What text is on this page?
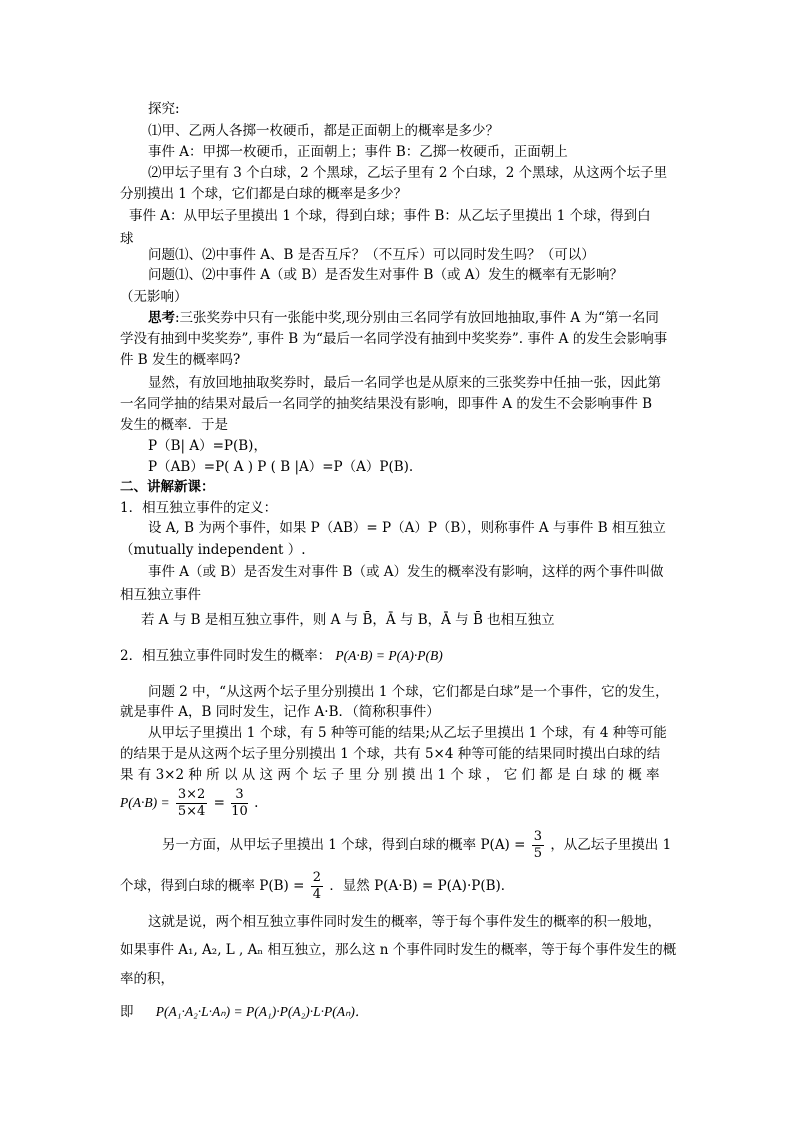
探究:
⑴甲、乙两人各掷一枚硬币，都是正面朝上的概率是多少？
事件 A：甲掷一枚硬币，正面朝上；事件 B：乙掷一枚硬币，正面朝上
⑵甲坛子里有 3 个白球，2 个黑球，乙坛子里有 2 个白球，2 个黑球，从这两个坛子里
分别摸出 1 个球，它们都是白球的概率是多少？
事件 A：从甲坛子里摸出 1 个球，得到白球；事件 B：从乙坛子里摸出 1 个球，得到白
球
问题⑴、⑵中事件 A、B 是否互斥？（不互斥）可以同时发生吗？（可以）
问题⑴、⑵中事件 A（或 B）是否发生对事件 B（或 A）发生的概率有无影响？
（无影响）
思考:三张奖券中只有一张能中奖,现分别由三名同学有放回地抽取,事件 A 为“第一名同
学没有抽到中奖奖券”, 事件 B 为“最后一名同学没有抽到中奖奖券”. 事件 A 的发生会影响事
件 B 发生的概率吗?
显然，有放回地抽取奖券时，最后一名同学也是从原来的三张奖券中任抽一张，因此第
一名同学抽的结果对最后一名同学的抽奖结果没有影响，即事件 A 的发生不会影响事件 B
发生的概率．于是
P（B| A）=P(B)，
P（AB）=P( A ) P ( B |A）=P（A）P(B).
二、讲解新课：
1．相互独立事件的定义：
设 A, B 为两个事件，如果 P（AB）= P（A）P（B），则称事件 A 与事件 B 相互独立
（mutually independent ）.
事件 A（或 B）是否发生对事件 B（或 A）发生的概率没有影响，这样的两个事件叫做
相互独立事件
若 A 与 B 是相互独立事件，则 A 与 B̄，Ā 与 B，Ā 与 B̄ 也相互独立
2．相互独立事件同时发生的概率： P(A·B) = P(A)·P(B)
问题 2 中，“从这两个坛子里分别摸出 1 个球，它们都是白球”是一个事件，它的发生，
就是事件 A，B 同时发生，记作 A·B．（简称积事件）
从甲坛子里摸出 1 个球，有 5 种等可能的结果;从乙坛子里摸出 1 个球，有 4 种等可能
的结果于是从这两个坛子里分别摸出 1 个球，共有 5×4 种等可能的结果同时摸出白球的结
果 有 3×2 种 所 以 从 这 两 个 坛 子 里 分 别 摸 出 1 个 球 ， 它 们 都 是 白 球 的 概 率
$P(A\cdot B) = \frac{3\times 2}{5\times 4} = \frac{3}{10}$ .
另一方面，从甲坛子里摸出 1 个球，得到白球的概率 $P(A) = \frac{3}{5}$ ，从乙坛子里摸出 1
个球，得到白球的概率 $P(B) = \frac{2}{4}$ ．显然 P(A·B) = P(A)·P(B)．
这就是说，两个相互独立事件同时发生的概率，等于每个事件发生的概率的积一般地，
如果事件 A₁, A₂, L , Aₙ 相互独立，那么这 n 个事件同时发生的概率，等于每个事件发生的概
率的积，
即 P(A₁·A₂·L·Aₙ) = P(A₁)·P(A₂)·L·P(Aₙ)．
